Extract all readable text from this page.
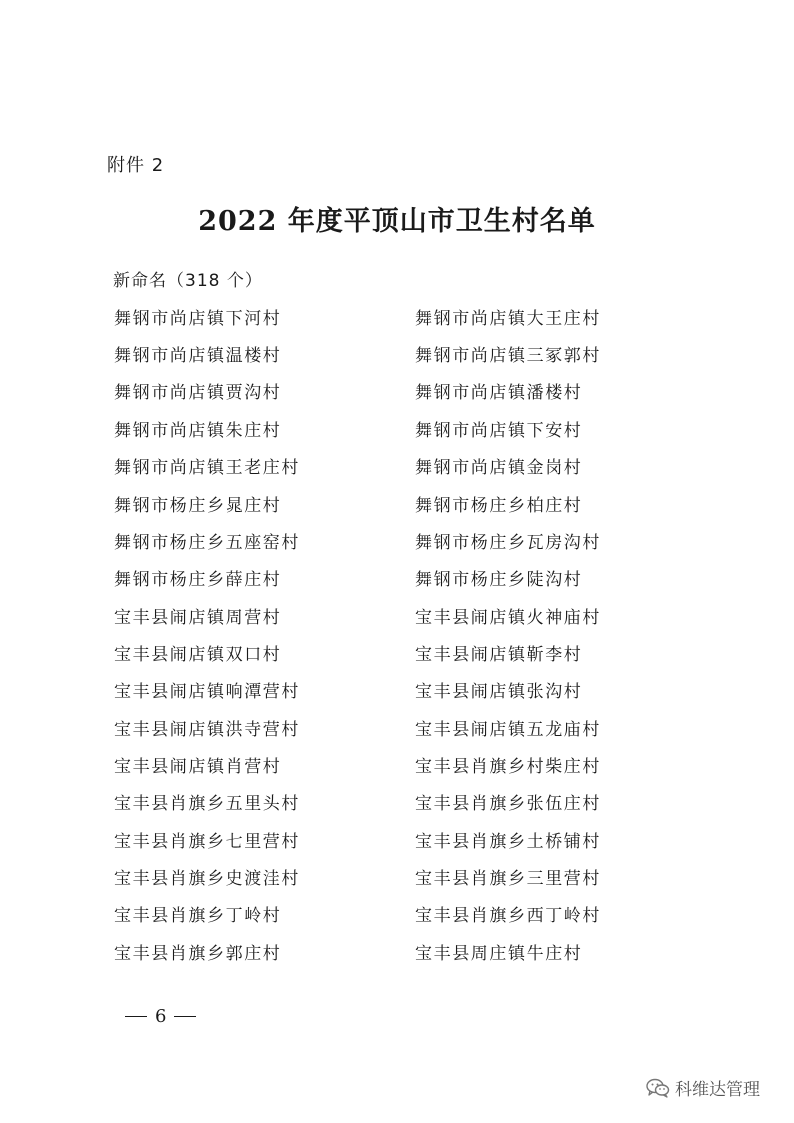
附件 2
2022 年度平顶山市卫生村名单
新命名（318 个）
舞钢市尚店镇下河村
舞钢市尚店镇温楼村
舞钢市尚店镇贾沟村
舞钢市尚店镇朱庄村
舞钢市尚店镇王老庄村
舞钢市杨庄乡晁庄村
舞钢市杨庄乡五座窑村
舞钢市杨庄乡薛庄村
宝丰县闹店镇周营村
宝丰县闹店镇双口村
宝丰县闹店镇响潭营村
宝丰县闹店镇洪寺营村
宝丰县闹店镇肖营村
宝丰县肖旗乡五里头村
宝丰县肖旗乡七里营村
宝丰县肖旗乡史渡洼村
宝丰县肖旗乡丁岭村
宝丰县肖旗乡郭庄村
舞钢市尚店镇大王庄村
舞钢市尚店镇三冢郭村
舞钢市尚店镇潘楼村
舞钢市尚店镇下安村
舞钢市尚店镇金岗村
舞钢市杨庄乡柏庄村
舞钢市杨庄乡瓦房沟村
舞钢市杨庄乡陡沟村
宝丰县闹店镇火神庙村
宝丰县闹店镇靳李村
宝丰县闹店镇张沟村
宝丰县闹店镇五龙庙村
宝丰县肖旗乡村柴庄村
宝丰县肖旗乡张伍庄村
宝丰县肖旗乡土桥铺村
宝丰县肖旗乡三里营村
宝丰县肖旗乡西丁岭村
宝丰县周庄镇牛庄村
6
科维达管理
